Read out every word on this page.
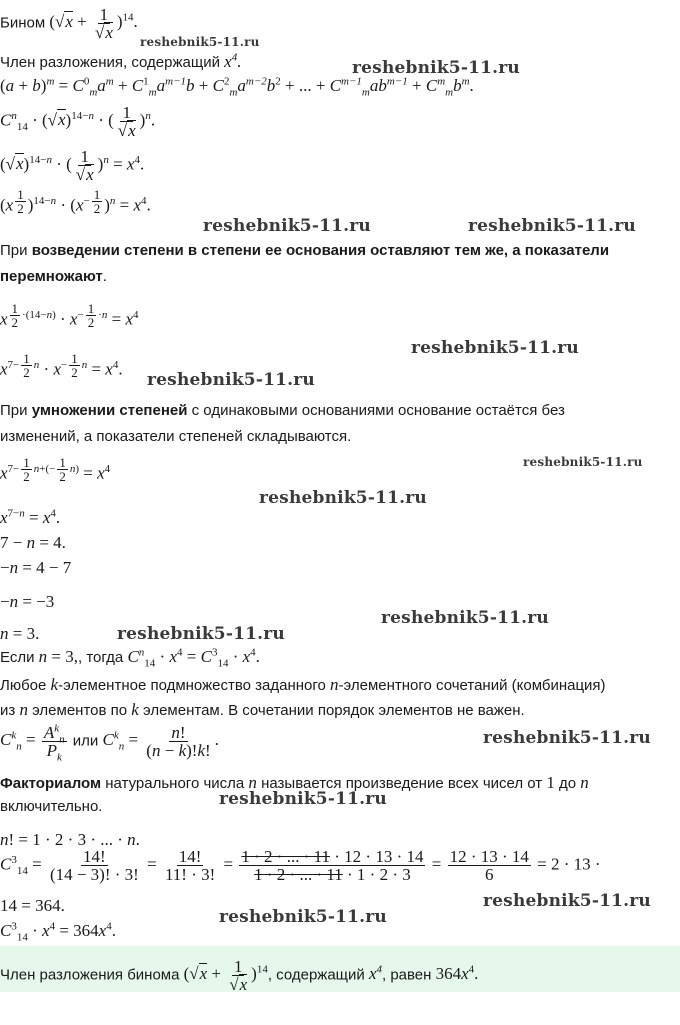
Бином $(√x + \frac{1}{√x} )^{14}$.
reshebnik5-11.ru
Член разложения, содержащий $x^4$.	reshebnik5-11.ru
$(a + b)^m = C^0_ma^m + C^1_ma^{m-1}b + C^2_ma^{m-2}b^2$ + ... + $C^{m-1}_mab^{m-1} + C^m_mb^m$.
$C^n_{14} \cdot (√x)^{14-n}$ · ( $\frac{1}{√x} )^n$.
$(√x)^{14-n}$ · ( $\frac{1}{√x} )^n = x^4$.
(x $^{\frac{1}{2}}$ )$^{14-n} \cdot (x^{- \frac{1}{2}}$ )$^n = x^4$.
reshebnik5-11.ru	reshebnik5-11.ru
При возведении степени в степени ее основания оставляют тем же, а показатели
перемножают.
x $^{\frac{1}{2} \cdot(14-n)} \cdot x^{- \frac{1}{2} \cdot n} = x^4$
reshebnik5-11.ru
$x^{7- \frac{1}{2} n} \cdot x^{- \frac{1}{2} n} = x^4$.
reshebnik5-11.ru
При умножении степеней с одинаковыми основаниями основание остаётся без
изменений, а показатели степеней складываются.
$x^{7- \frac{1}{2} n+(- \frac{1}{2} n)} = x^4$
reshebnik5-11.ru
reshebnik5-11.ru
$x^{7-n} = x^4$.
7 − n = 4.
−n = 4 − 7
−n = −3
reshebnik5-11.ru
n = 3.	reshebnik5-11.ru
Если n = 3,, тогда $C^n_{14} \cdot x^4 = C^3_{14} \cdot x^4$.
Любое k-элементное подмножество заданного n-элементного сочетаний (комбинация)
из n элементов по k элементам. В сочетании порядок элементов не важен.
$C^k_n = \frac{A^k_n}{P_k}$ или $C^k_n = \frac{n!}{(n - k)!k!}$ .	reshebnik5-11.ru
Факториалом натурального числа n называется произведение всех чисел от 1 до n
reshebnik5-11.ru
включительно.
n! = 1 · 2 · 3 · ... · n.
$C^3_{14} = \frac{14!}{(14 - 3)! \cdot 3!} = \frac{14!}{11! \cdot 3!} = \frac{1 \cdot 2 \cdot ... \cdot 11 \cdot 12 \cdot 13 \cdot 14}{1 \cdot 2 \cdot ... \cdot 11 \cdot 1 \cdot 2 \cdot 3} = \frac{12 \cdot 13 \cdot 14}{6} = 2 \cdot 13$ ·
14 = 364.	reshebnik5-11.ru
reshebnik5-11.ru
$C^3_{14} \cdot x^4 = 364x^4$.
Член разложения бинома $(√x + \frac{1}{√x} )^{14}$, содержащий $x^4$, равен $364x^4$.
